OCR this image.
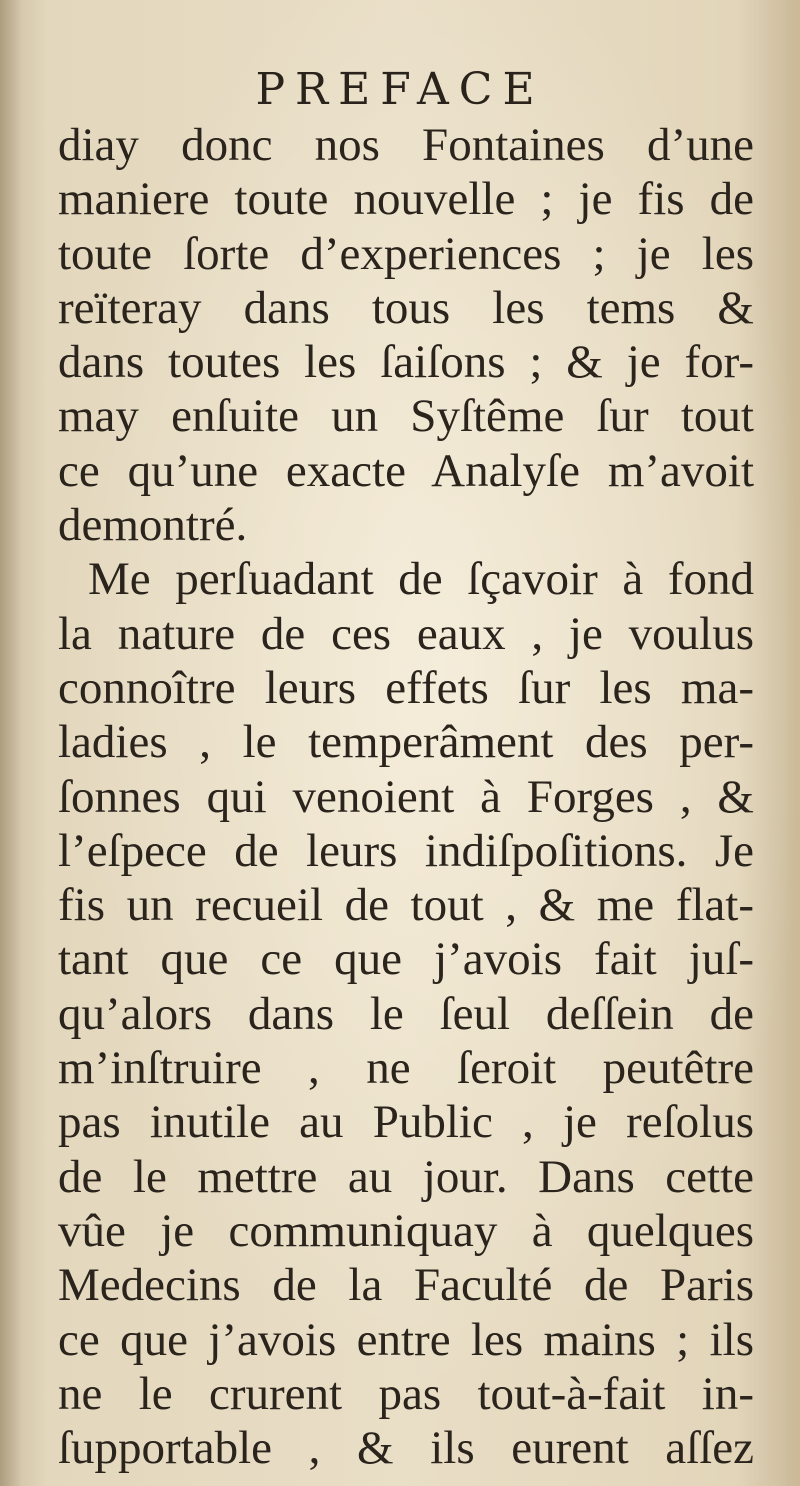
PREFACE
diay donc nos Fontaines d’une
maniere toute nouvelle ; je fis de
toute ſorte d’experiences ; je les
reïteray dans tous les tems &
dans toutes les ſaiſons ; & je for-
may enſuite un Syſtême ſur tout
ce qu’une exacte Analyſe m’avoit
demontré.
Me perſuadant de ſçavoir à fond
la nature de ces eaux , je voulus
connoître leurs effets ſur les ma-
ladies , le temperâment des per-
ſonnes qui venoient à Forges , &
l’eſpece de leurs indiſpoſitions. Je
fis un recueil de tout , & me flat-
tant que ce que j’avois fait juſ-
qu’alors dans le ſeul deſſein de
m’inſtruire , ne ſeroit peutêtre
pas inutile au Public , je reſolus
de le mettre au jour. Dans cette
vûe je communiquay à quelques
Medecins de la Faculté de Paris
ce que j’avois entre les mains ; ils
ne le crurent pas tout-à-fait in-
ſupportable , & ils eurent aſſez
